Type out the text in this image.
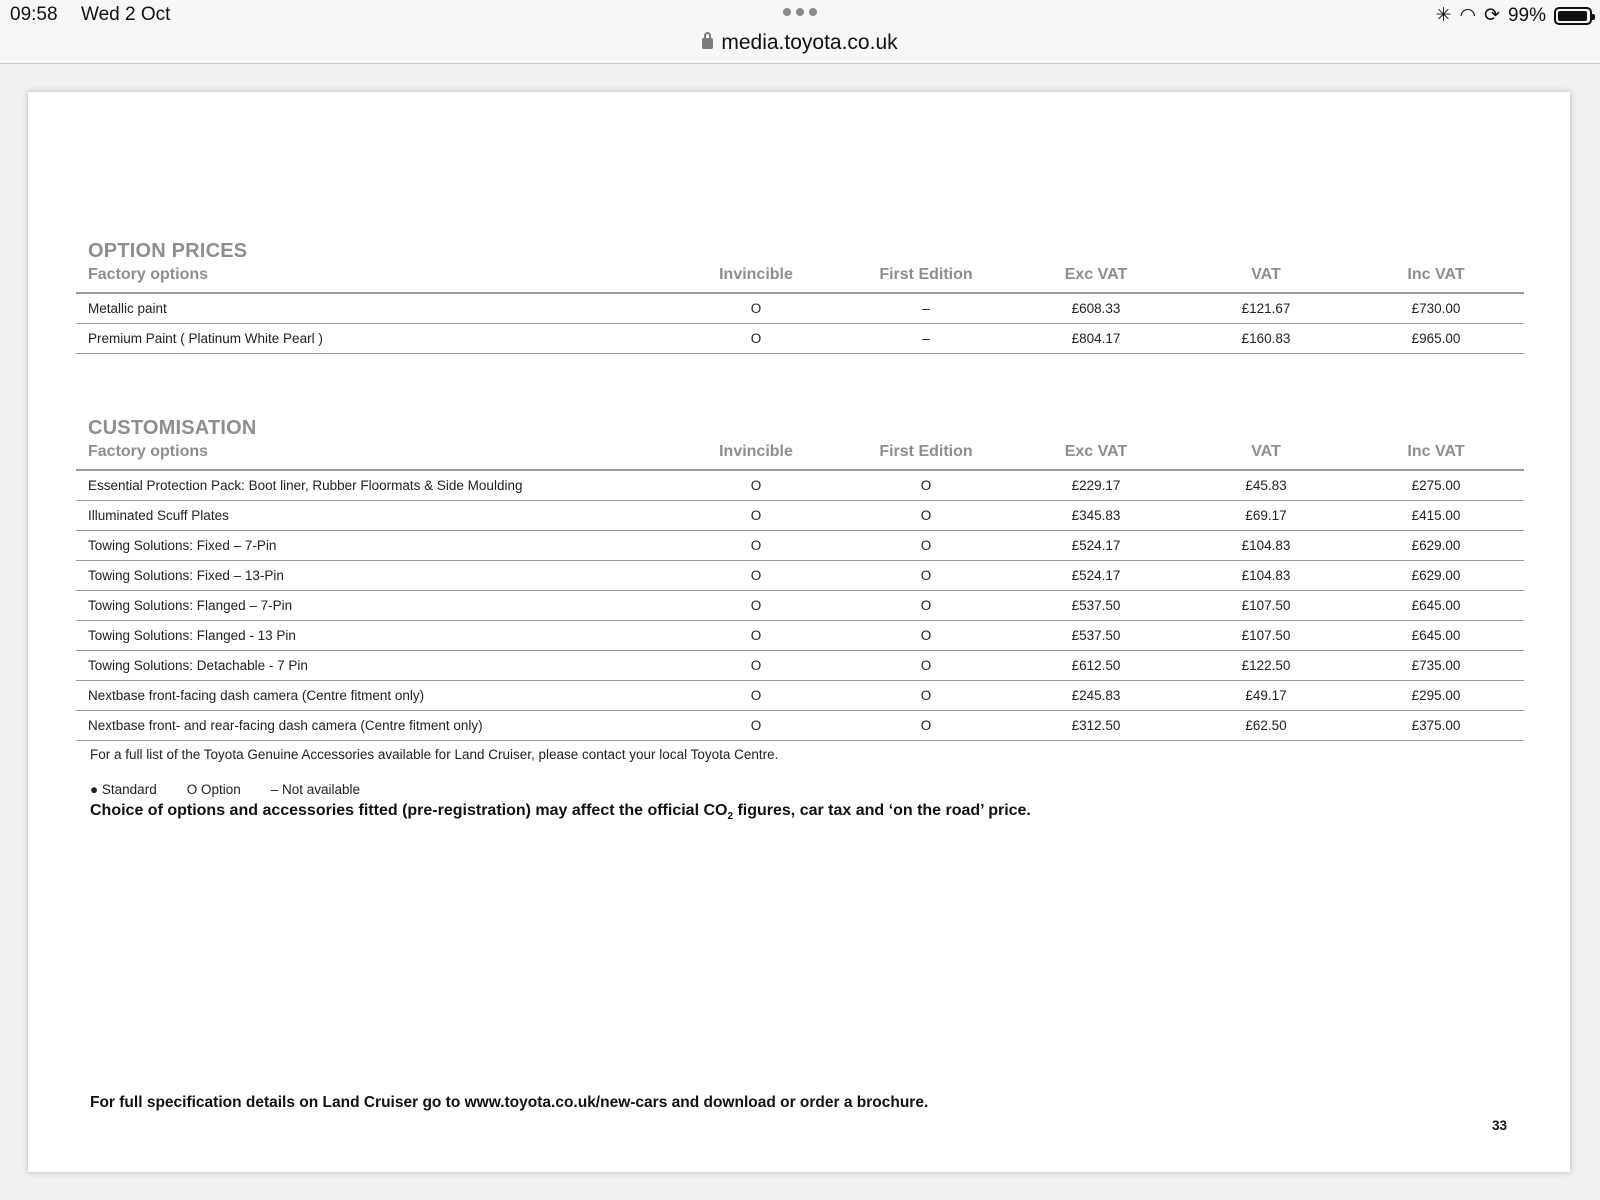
09:58 Wed 2 Oct
media.toyota.co.uk
✳ ◠ ⟳ 99%
OPTION PRICES
Factory options	Invincible	First Edition	Exc VAT	VAT	Inc VAT
Metallic paint	O	–	£608.33	£121.67	£730.00
Premium Paint ( Platinum White Pearl )	O	–	£804.17	£160.83	£965.00
CUSTOMISATION
Factory options	Invincible	First Edition	Exc VAT	VAT	Inc VAT
Essential Protection Pack: Boot liner, Rubber Floormats & Side Moulding	O	O	£229.17	£45.83	£275.00
Illuminated Scuff Plates	O	O	£345.83	£69.17	£415.00
Towing Solutions: Fixed – 7-Pin	O	O	£524.17	£104.83	£629.00
Towing Solutions: Fixed – 13-Pin	O	O	£524.17	£104.83	£629.00
Towing Solutions: Flanged – 7-Pin	O	O	£537.50	£107.50	£645.00
Towing Solutions: Flanged - 13 Pin	O	O	£537.50	£107.50	£645.00
Towing Solutions: Detachable - 7 Pin	O	O	£612.50	£122.50	£735.00
Nextbase front-facing dash camera (Centre fitment only)	O	O	£245.83	£49.17	£295.00
Nextbase front- and rear-facing dash camera (Centre fitment only)	O	O	£312.50	£62.50	£375.00
For a full list of the Toyota Genuine Accessories available for Land Cruiser, please contact your local Toyota Centre.
● Standard O Option – Not available
Choice of options and accessories fitted (pre-registration) may affect the official $CO_2$ figures, car tax and ‘on the road’ price.
For full specification details on Land Cruiser go to www.toyota.co.uk/new-cars and download or order a brochure.
33
